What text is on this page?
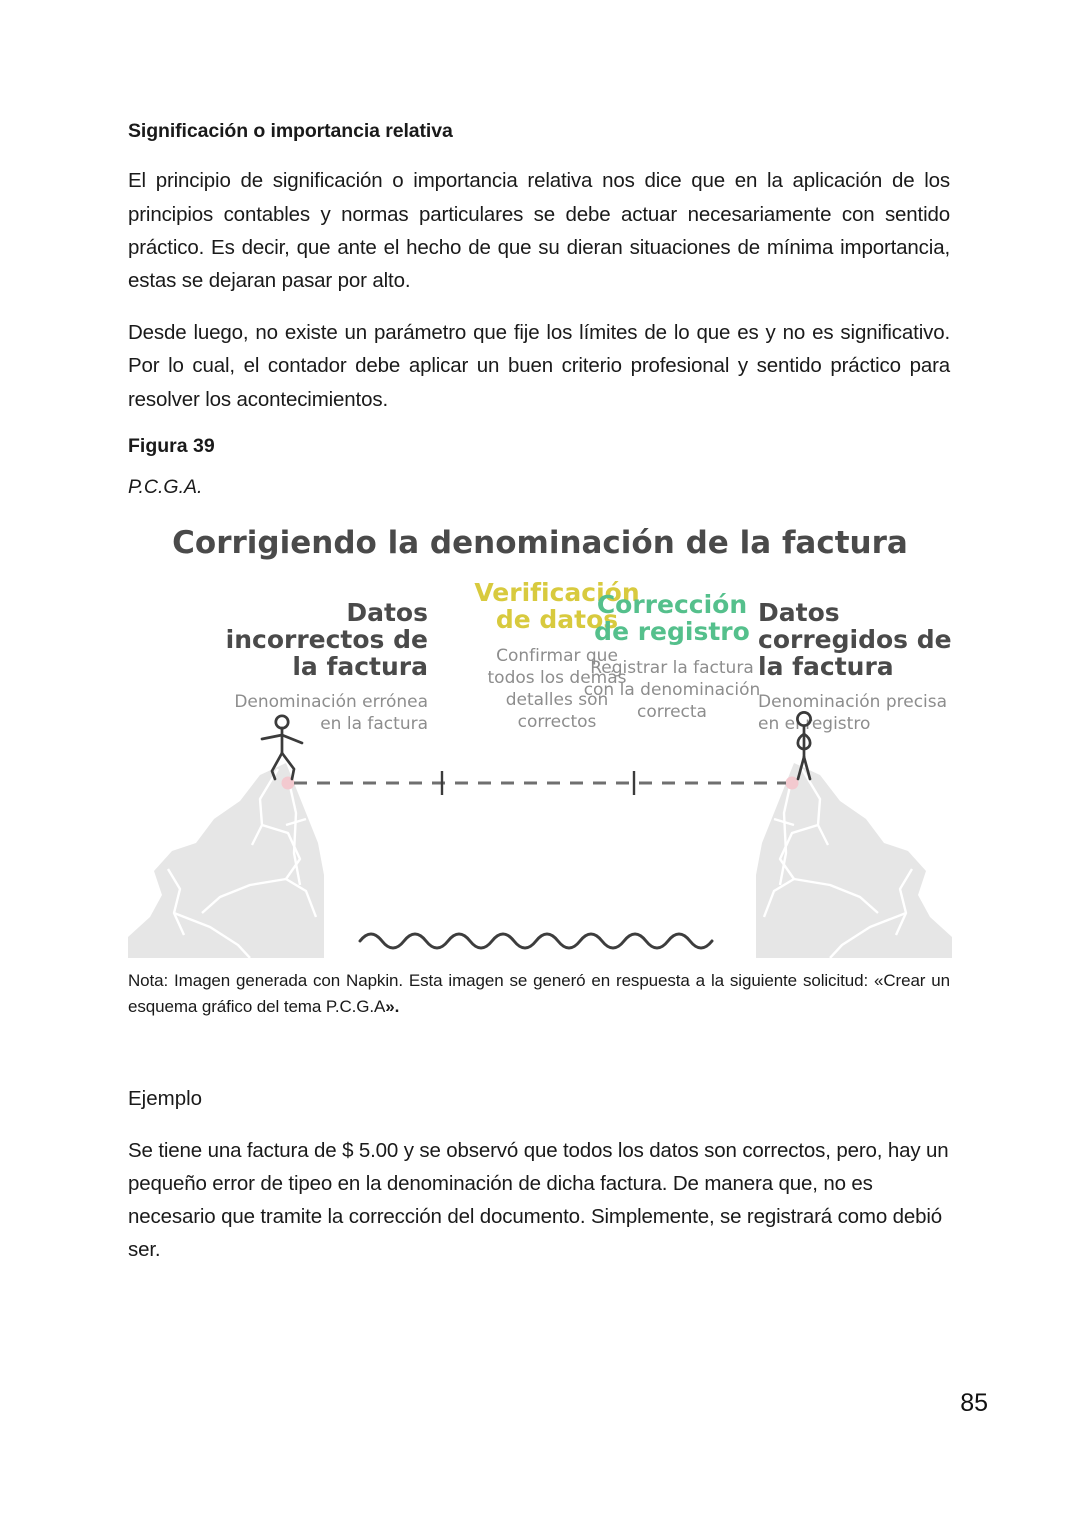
Significación o importancia relativa

El principio de significación o importancia relativa nos dice que en la aplicación de los principios contables y normas particulares se debe actuar necesariamente con sentido práctico. Es decir, que ante el hecho de que su dieran situaciones de mínima importancia, estas se dejaran pasar por alto.

Desde luego, no existe un parámetro que fije los límites de lo que es y no es significativo. Por lo cual, el contador debe aplicar un buen criterio profesional y sentido práctico para resolver los acontecimientos.

Figura 39
P.C.G.A.
Corrigiendo la denominación de la factura
Datos
incorrectos de
la factura
Denominación errónea
en la factura
Verificación
de datos
Confirmar que
todos los demás
detalles son
correctos
Corrección
de registro
Registrar la factura
con la denominación
correcta
Datos
corregidos de
la factura
Denominación precisa
en el registro

Nota: Imagen generada con Napkin. Esta imagen se generó en respuesta a la siguiente solicitud: «Crear un esquema gráfico del tema P.C.G.A».

Ejemplo

Se tiene una factura de $ 5.00 y se observó que todos los datos son correctos, pero, hay un pequeño error de tipeo en la denominación de dicha factura. De manera que, no es necesario que tramite la corrección del documento. Simplemente, se registrará como debió ser.

85
